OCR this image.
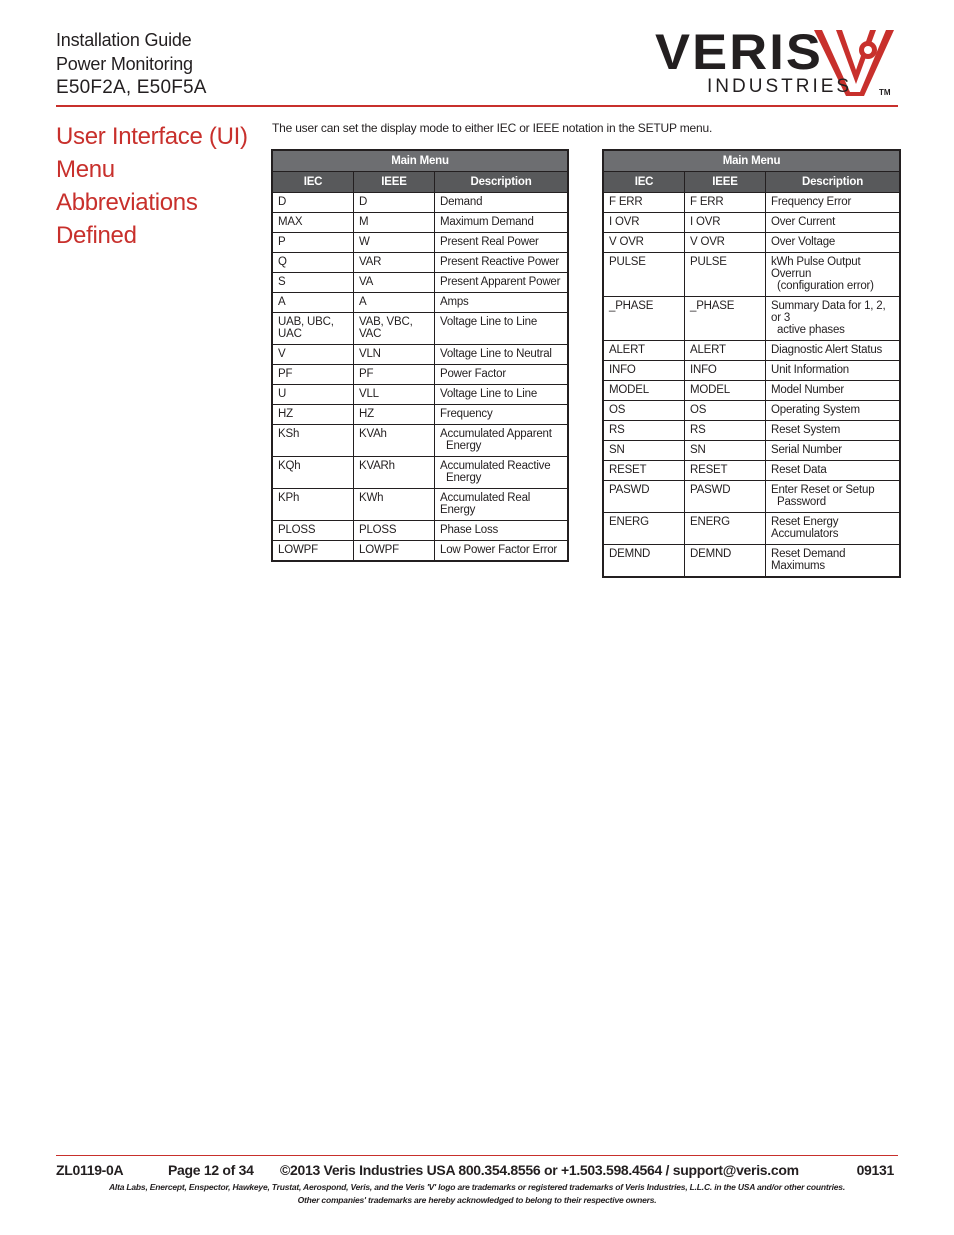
Installation Guide
Power Monitoring
E50F2A, E50F5A
VERIS
INDUSTRIES	TM
User Interface (UI) Menu Abbreviations Defined
The user can set the display mode to either IEC or IEEE notation in the SETUP menu.
Main Menu		
IEC	IEEE	Description
D	D	Demand
MAX	M	Maximum Demand
P	W	Present Real Power
Q	VAR	Present Reactive Power
S	VA	Present Apparent Power
A	A	Amps
UAB, UBC, UAC	VAB, VBC, VAC	Voltage Line to Line
V	VLN	Voltage Line to Neutral
PF	PF	Power Factor
U	VLL	Voltage Line to Line
HZ	HZ	Frequency
KSh	KVAh	Accumulated Apparent
Energy

KQh	KVARh	Accumulated Reactive
Energy

KPh	KWh	Accumulated Real Energy
PLOSS	PLOSS	Phase Loss
LOWPF	LOWPF	Low Power Factor Error
Main Menu		
IEC	IEEE	Description
F ERR	F ERR	Frequency Error
I OVR	I OVR	Over Current
V OVR	V OVR	Over Voltage
PULSE	PULSE	kWh Pulse Output Overrun
(configuration error)

_PHASE	_PHASE	Summary Data for 1, 2, or 3
active phases

ALERT	ALERT	Diagnostic Alert Status
INFO	INFO	Unit Information
MODEL	MODEL	Model Number
OS	OS	Operating System
RS	RS	Reset System
SN	SN	Serial Number
RESET	RESET	Reset Data
PASWD	PASWD	Enter Reset or Setup
Password

ENERG	ENERG	Reset Energy Accumulators
DEMND	DEMND	Reset Demand Maximums
ZL0119-0A	Page 12 of 34 ©2013 Veris Industries USA 800.354.8556 or +1.503.598.4564 / support@veris.com	09131
Alta Labs, Enercept, Enspector, Hawkeye, Trustat, Aerospond, Veris, and the Veris 'V' logo are trademarks or registered trademarks of Veris Industries, L.L.C. in the USA and/or other countries.
Other companies' trademarks are hereby acknowledged to belong to their respective owners.
